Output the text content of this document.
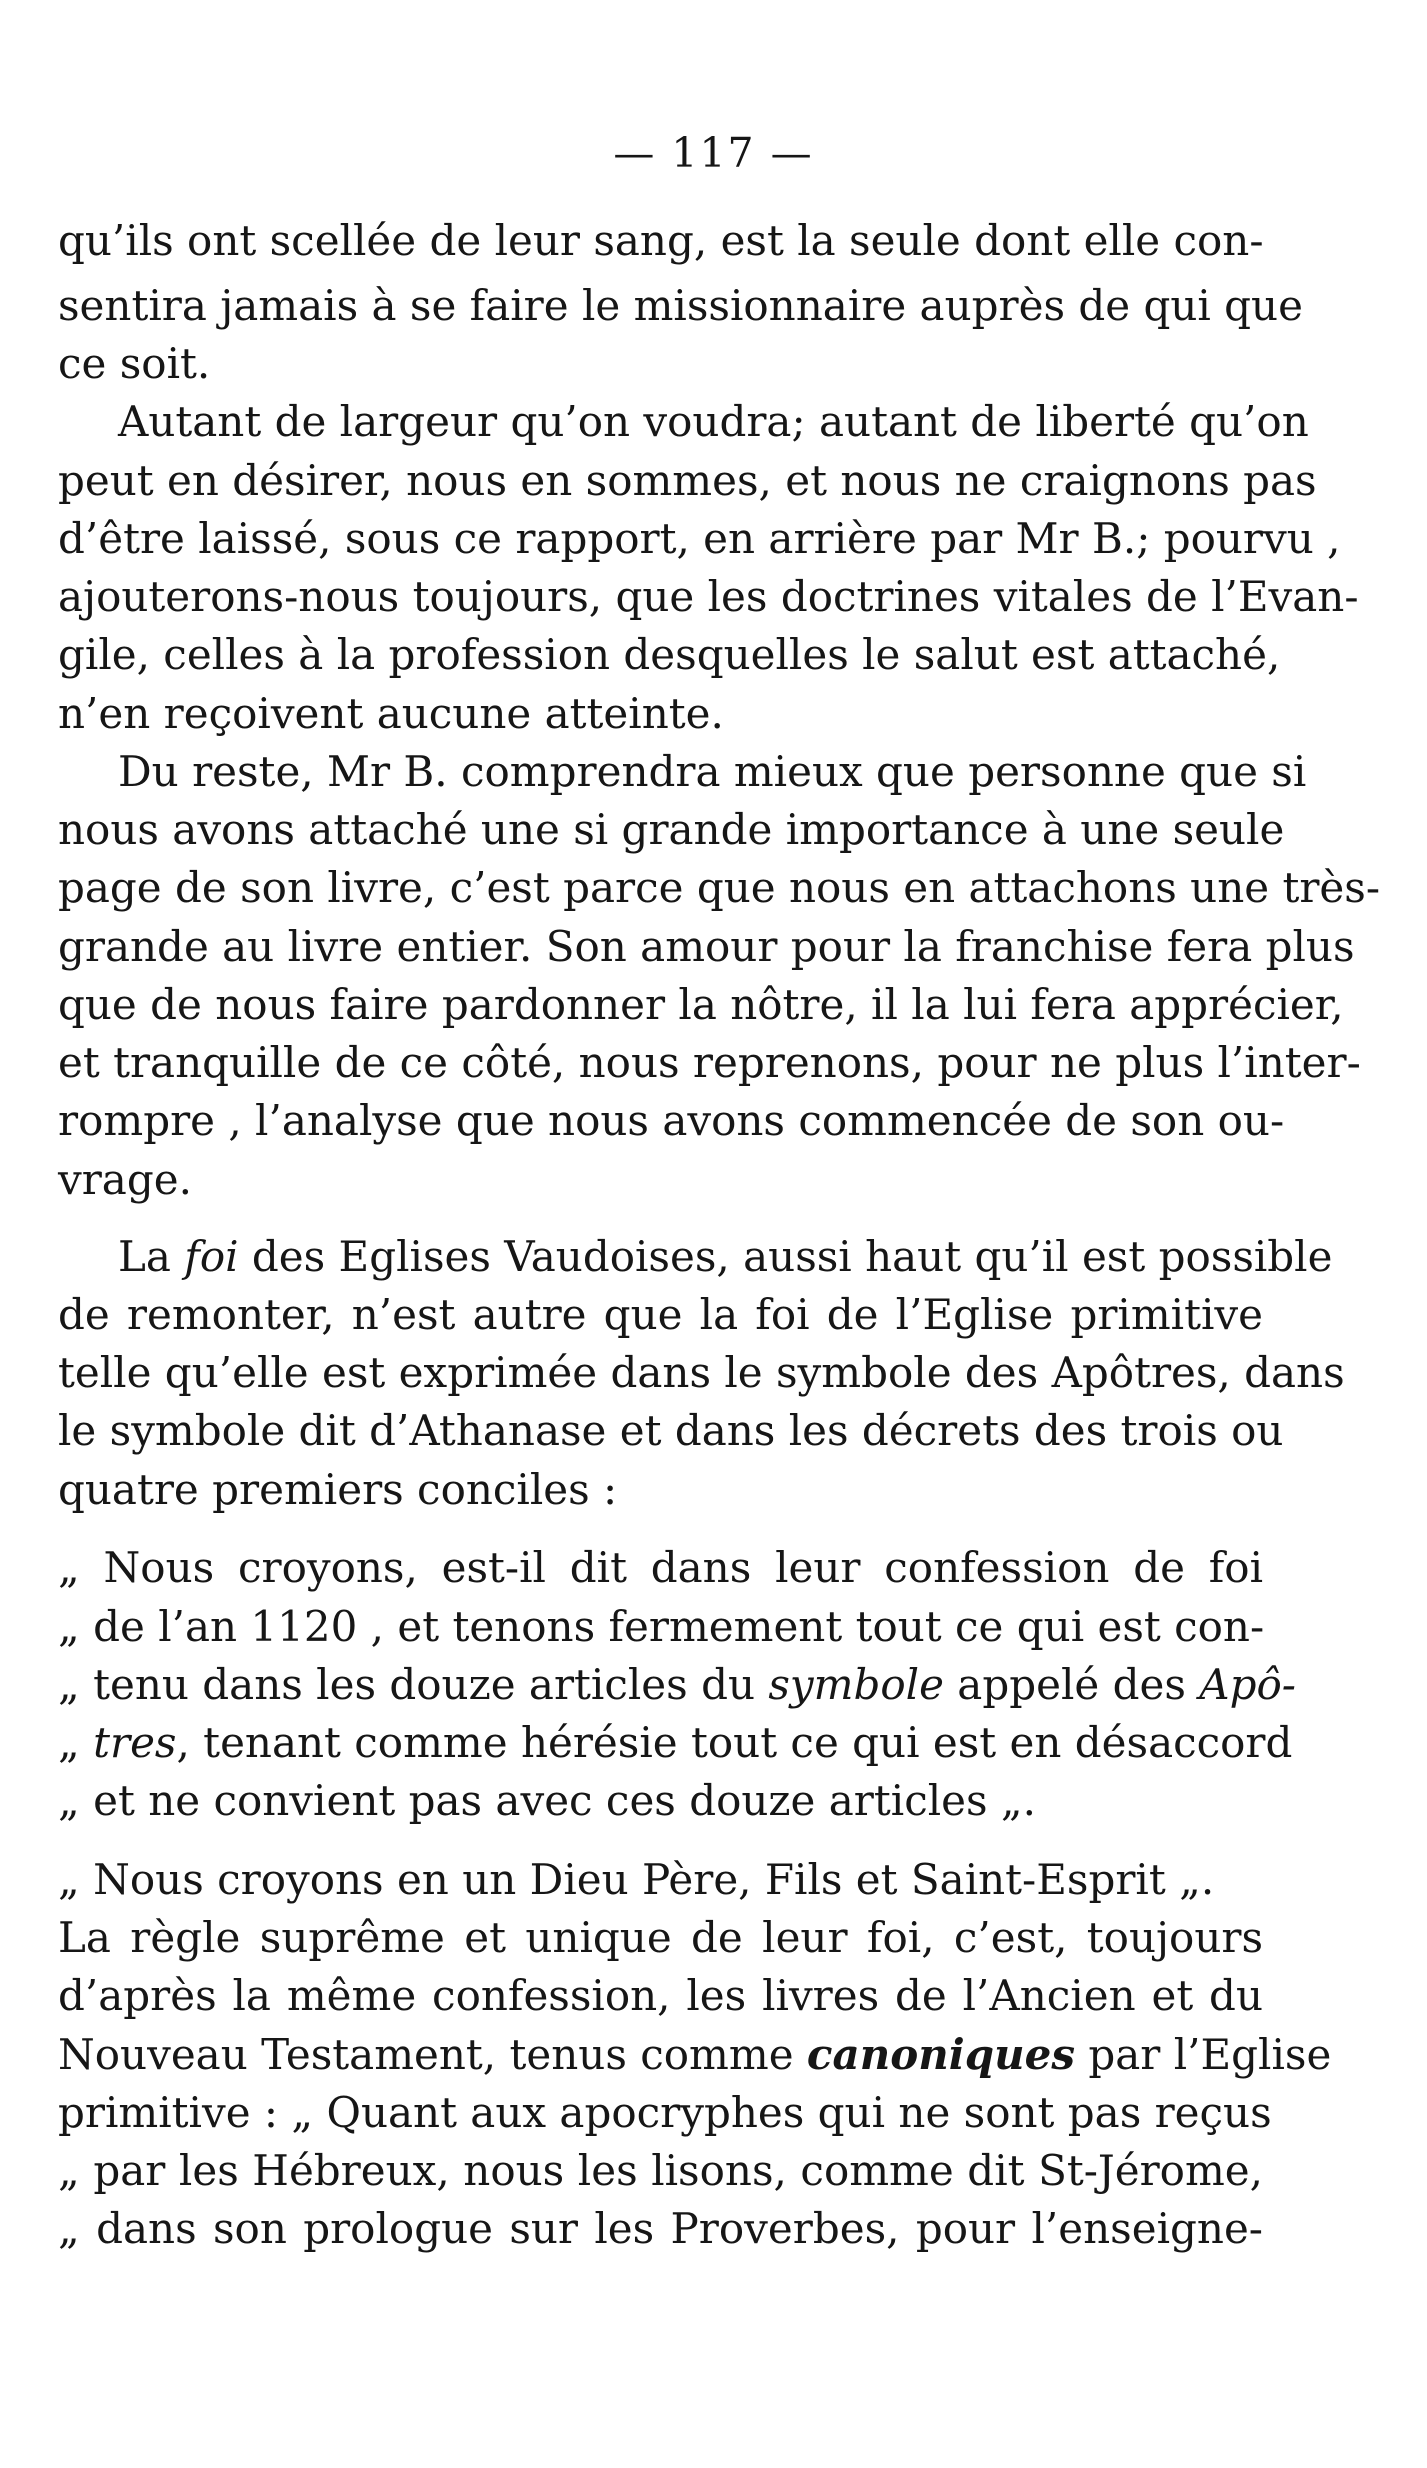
— 117 —
qu’ils ont scellée de leur sang, est la seule dont elle con-
sentira jamais à se faire le missionnaire auprès de qui que
ce soit.
Autant de largeur qu’on voudra; autant de liberté qu’on
peut en désirer, nous en sommes, et nous ne craignons pas
d’être laissé, sous ce rapport, en arrière par Mr B.; pourvu ,
ajouterons-nous toujours, que les doctrines vitales de l’Evan-
gile, celles à la profession desquelles le salut est attaché,
n’en reçoivent aucune atteinte.
Du reste, Mr B. comprendra mieux que personne que si
nous avons attaché une si grande importance à une seule
page de son livre, c’est parce que nous en attachons une très-
grande au livre entier. Son amour pour la franchise fera plus
que de nous faire pardonner la nôtre, il la lui fera apprécier,
et tranquille de ce côté, nous reprenons, pour ne plus l’inter-
rompre , l’analyse que nous avons commencée de son ou-
vrage.
La foi des Eglises Vaudoises, aussi haut qu’il est possible
de remonter, n’est autre que la foi de l’Eglise primitive
telle qu’elle est exprimée dans le symbole des Apôtres, dans
le symbole dit d’Athanase et dans les décrets des trois ou
quatre premiers conciles :
„ Nous croyons, est-il dit dans leur confession de foi
„ de l’an 1120 , et tenons fermement tout ce qui est con-
„ tenu dans les douze articles du symbole appelé des Apô-
„ tres, tenant comme hérésie tout ce qui est en désaccord
„ et ne convient pas avec ces douze articles „.
„ Nous croyons en un Dieu Père, Fils et Saint-Esprit „.
La règle suprême et unique de leur foi, c’est, toujours
d’après la même confession, les livres de l’Ancien et du
Nouveau Testament, tenus comme canoniques par l’Eglise
primitive : „ Quant aux apocryphes qui ne sont pas reçus
„ par les Hébreux, nous les lisons, comme dit St-Jérome,
„ dans son prologue sur les Proverbes, pour l’enseigne-
